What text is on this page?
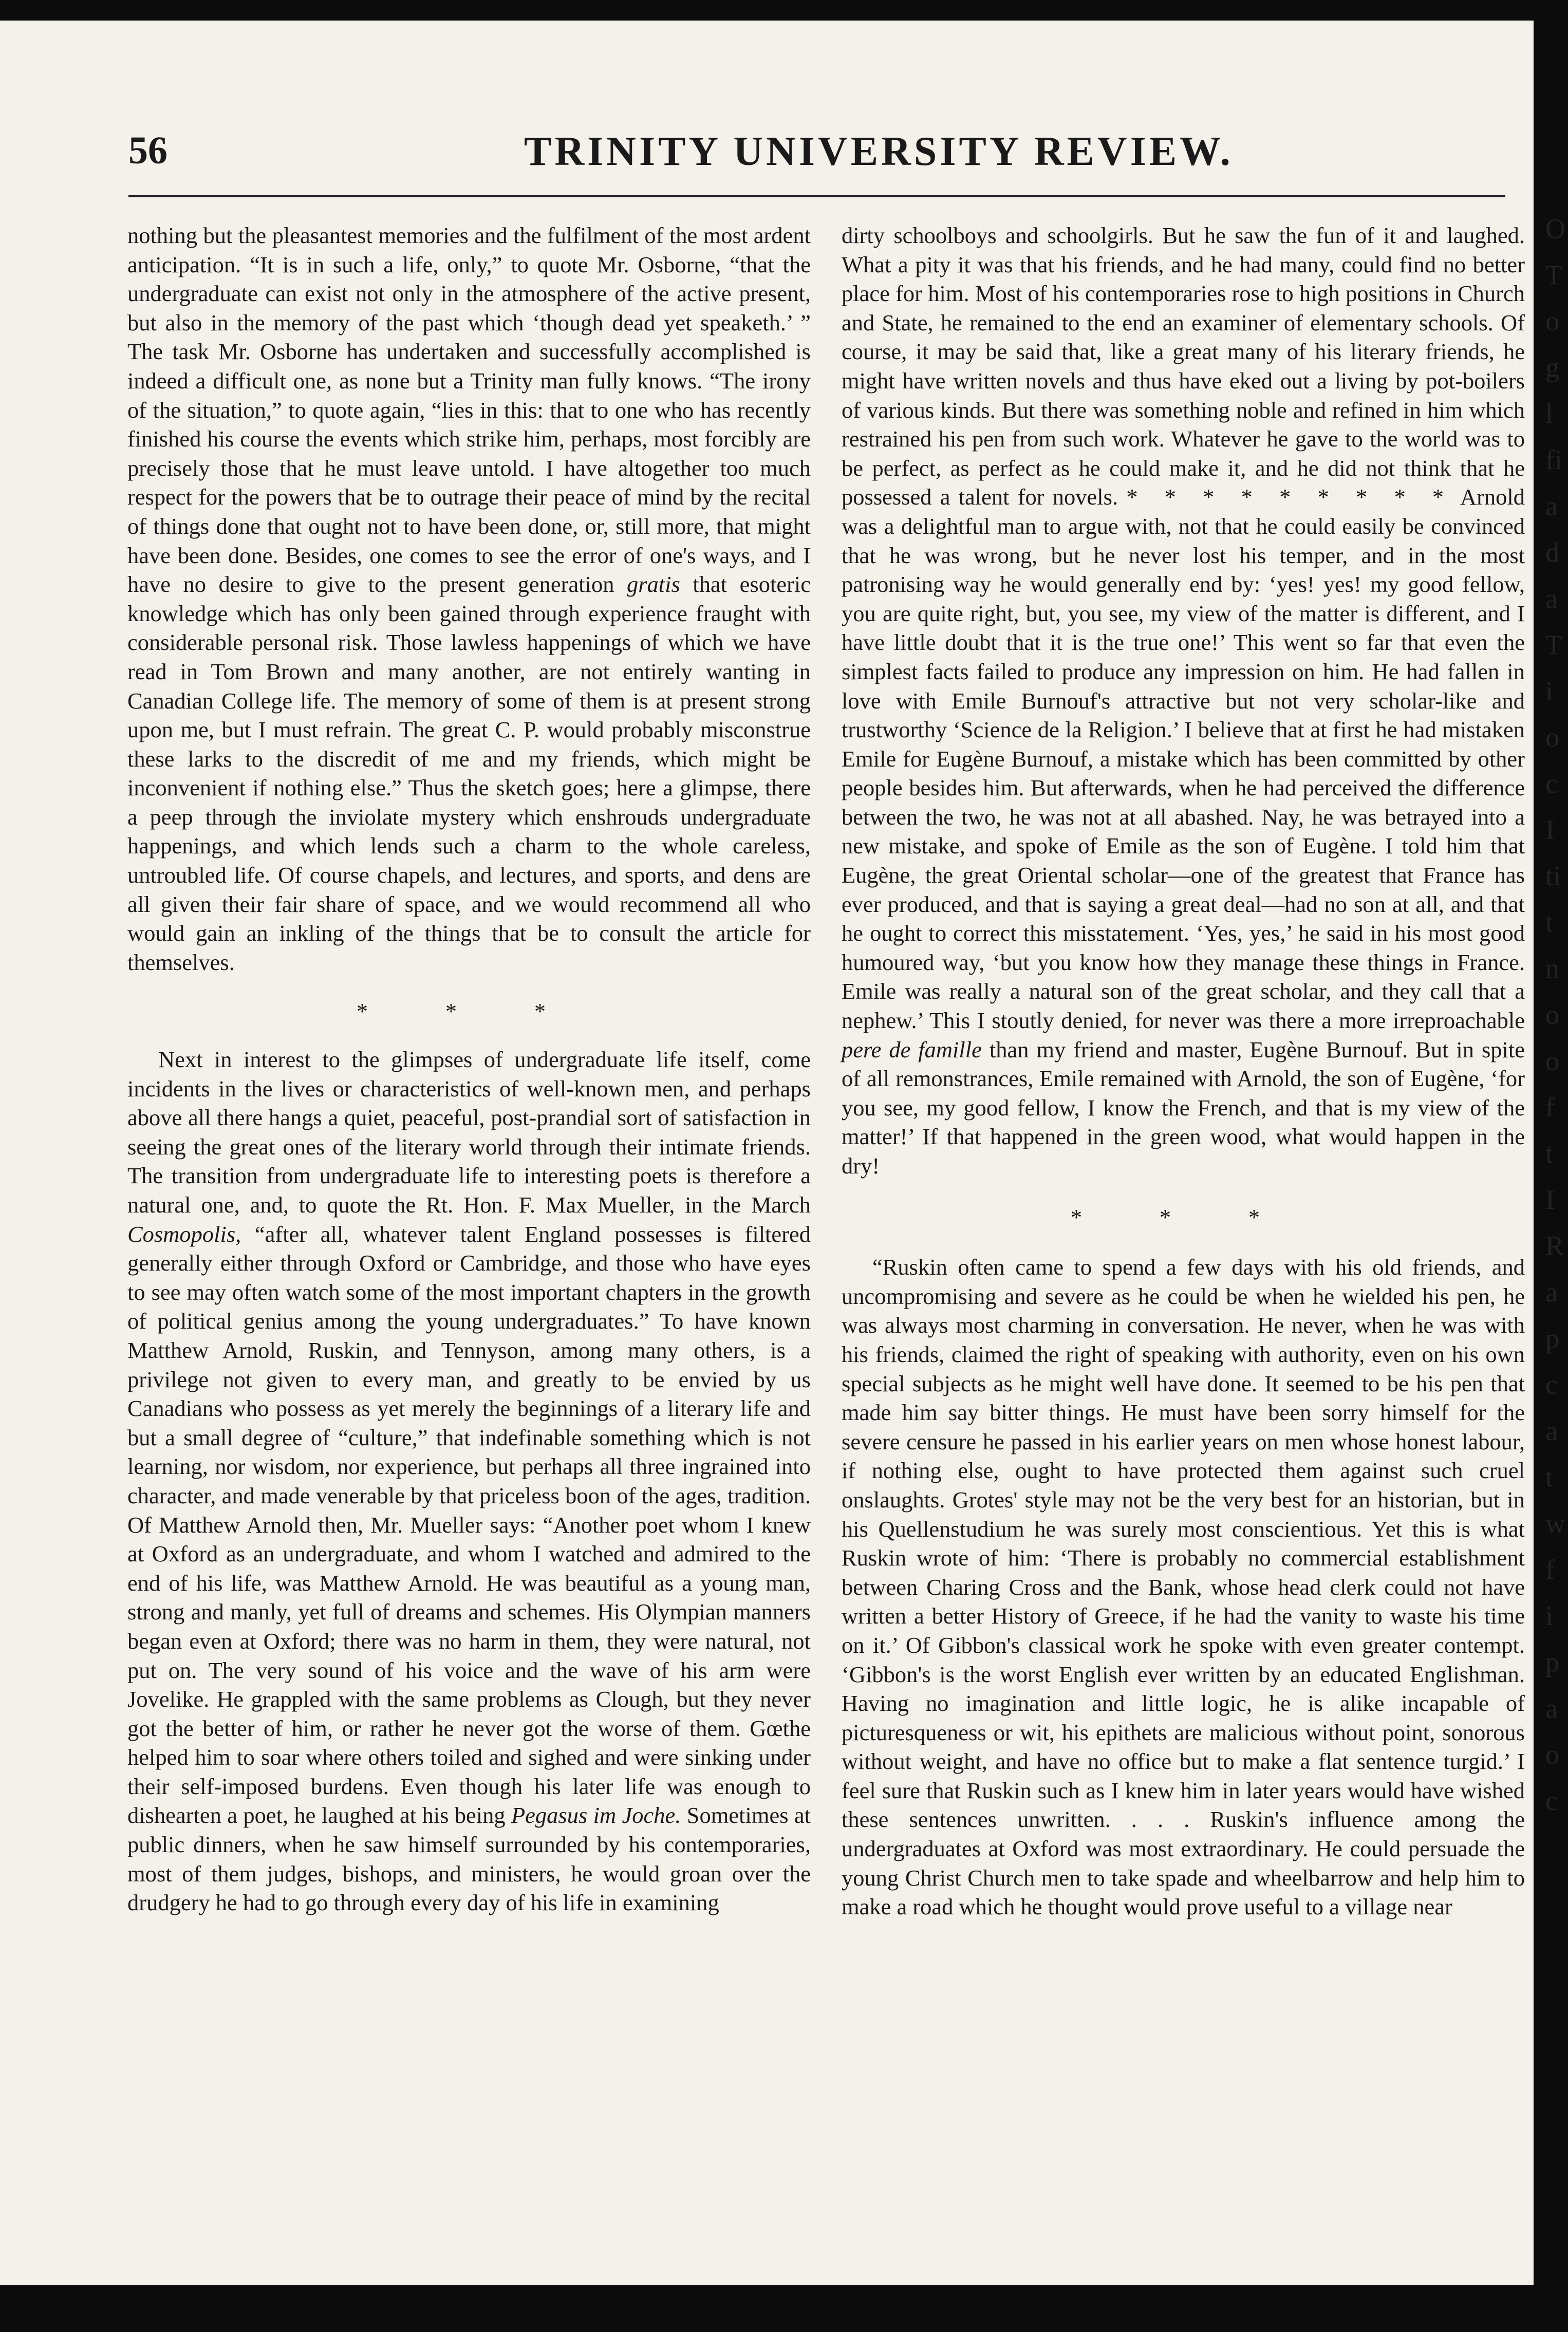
O T o g l fi a d a T i o c I ti t n o o f t I R a p c a t w f i p a o c
56	TRINITY UNIVERSITY REVIEW.

nothing but the pleasantest memories and the fulfilment of the most ardent anticipation. “It is in such a life, only,” to quote Mr. Osborne, “that the undergraduate can exist not only in the atmosphere of the active present, but also in the memory of the past which ‘though dead yet speaketh.’ ” The task Mr. Osborne has undertaken and successfully accomplished is indeed a difficult one, as none but a Trinity man fully knows. “The irony of the situation,” to quote again, “lies in this: that to one who has recently finished his course the events which strike him, perhaps, most forcibly are precisely those that he must leave untold. I have altogether too much respect for the powers that be to outrage their peace of mind by the recital of things done that ought not to have been done, or, still more, that might have been done. Besides, one comes to see the error of one's ways, and I have no desire to give to the present generation gratis that esoteric knowledge which has only been gained through experience fraught with considerable personal risk. Those lawless happenings of which we have read in Tom Brown and many another, are not entirely wanting in Canadian College life. The memory of some of them is at present strong upon me, but I must refrain. The great C. P. would probably misconstrue these larks to the discredit of me and my friends, which might be inconvenient if nothing else.” Thus the sketch goes; here a glimpse, there a peep through the inviolate mystery which enshrouds undergraduate happenings, and which lends such a charm to the whole careless, untroubled life. Of course chapels, and lectures, and sports, and dens are all given their fair share of space, and we would recommend all who would gain an inkling of the things that be to consult the article for themselves.

* * *

Next in interest to the glimpses of undergraduate life itself, come incidents in the lives or characteristics of well-known men, and perhaps above all there hangs a quiet, peaceful, post-prandial sort of satisfaction in seeing the great ones of the literary world through their intimate friends. The transition from undergraduate life to interesting poets is therefore a natural one, and, to quote the Rt. Hon. F. Max Mueller, in the March Cosmopolis, “after all, whatever talent England possesses is filtered generally either through Oxford or Cambridge, and those who have eyes to see may often watch some of the most important chapters in the growth of political genius among the young undergraduates.” To have known Matthew Arnold, Ruskin, and Tennyson, among many others, is a privilege not given to every man, and greatly to be envied by us Canadians who possess as yet merely the beginnings of a literary life and but a small degree of “culture,” that indefinable something which is not learning, nor wisdom, nor experience, but perhaps all three ingrained into character, and made venerable by that priceless boon of the ages, tradition. Of Matthew Arnold then, Mr. Mueller says: “Another poet whom I knew at Oxford as an undergraduate, and whom I watched and admired to the end of his life, was Matthew Arnold. He was beautiful as a young man, strong and manly, yet full of dreams and schemes. His Olympian manners began even at Oxford; there was no harm in them, they were natural, not put on. The very sound of his voice and the wave of his arm were Jovelike. He grappled with the same problems as Clough, but they never got the better of him, or rather he never got the worse of them. Gœthe helped him to soar where others toiled and sighed and were sinking under their self-imposed burdens. Even though his later life was enough to dishearten a poet, he laughed at his being Pegasus im Joche. Sometimes at public dinners, when he saw himself surrounded by his contemporaries, most of them judges, bishops, and ministers, he would groan over the drudgery he had to go through every day of his life in examining

dirty schoolboys and schoolgirls. But he saw the fun of it and laughed. What a pity it was that his friends, and he had many, could find no better place for him. Most of his contemporaries rose to high positions in Church and State, he remained to the end an examiner of elementary schools. Of course, it may be said that, like a great many of his literary friends, he might have written novels and thus have eked out a living by pot-boilers of various kinds. But there was something noble and refined in him which restrained his pen from such work. Whatever he gave to the world was to be perfect, as perfect as he could make it, and he did not think that he possessed a talent for novels. * * * * * * * * * Arnold was a delightful man to argue with, not that he could easily be convinced that he was wrong, but he never lost his temper, and in the most patronising way he would generally end by: ‘yes! yes! my good fellow, you are quite right, but, you see, my view of the matter is different, and I have little doubt that it is the true one!’ This went so far that even the simplest facts failed to produce any impression on him. He had fallen in love with Emile Burnouf's attractive but not very scholar-like and trustworthy ‘Science de la Religion.’ I believe that at first he had mistaken Emile for Eugène Burnouf, a mistake which has been committed by other people besides him. But afterwards, when he had perceived the difference between the two, he was not at all abashed. Nay, he was betrayed into a new mistake, and spoke of Emile as the son of Eugène. I told him that Eugène, the great Oriental scholar—one of the greatest that France has ever produced, and that is saying a great deal—had no son at all, and that he ought to correct this misstatement. ‘Yes, yes,’ he said in his most good humoured way, ‘but you know how they manage these things in France. Emile was really a natural son of the great scholar, and they call that a nephew.’ This I stoutly denied, for never was there a more irreproachable pere de famille than my friend and master, Eugène Burnouf. But in spite of all remonstrances, Emile remained with Arnold, the son of Eugène, ‘for you see, my good fellow, I know the French, and that is my view of the matter!’ If that happened in the green wood, what would happen in the dry!

* * *

“Ruskin often came to spend a few days with his old friends, and uncompromising and severe as he could be when he wielded his pen, he was always most charming in conversation. He never, when he was with his friends, claimed the right of speaking with authority, even on his own special subjects as he might well have done. It seemed to be his pen that made him say bitter things. He must have been sorry himself for the severe censure he passed in his earlier years on men whose honest labour, if nothing else, ought to have protected them against such cruel onslaughts. Grotes' style may not be the very best for an historian, but in his Quellenstudium he was surely most conscientious. Yet this is what Ruskin wrote of him: ‘There is probably no commercial establishment between Charing Cross and the Bank, whose head clerk could not have written a better History of Greece, if he had the vanity to waste his time on it.’ Of Gibbon's classical work he spoke with even greater contempt. ‘Gibbon's is the worst English ever written by an educated Englishman. Having no imagination and little logic, he is alike incapable of picturesqueness or wit, his epithets are malicious without point, sonorous without weight, and have no office but to make a flat sentence turgid.’ I feel sure that Ruskin such as I knew him in later years would have wished these sentences unwritten. . . . Ruskin's influence among the undergraduates at Oxford was most extraordinary. He could persuade the young Christ Church men to take spade and wheelbarrow and help him to make a road which he thought would prove useful to a village near
